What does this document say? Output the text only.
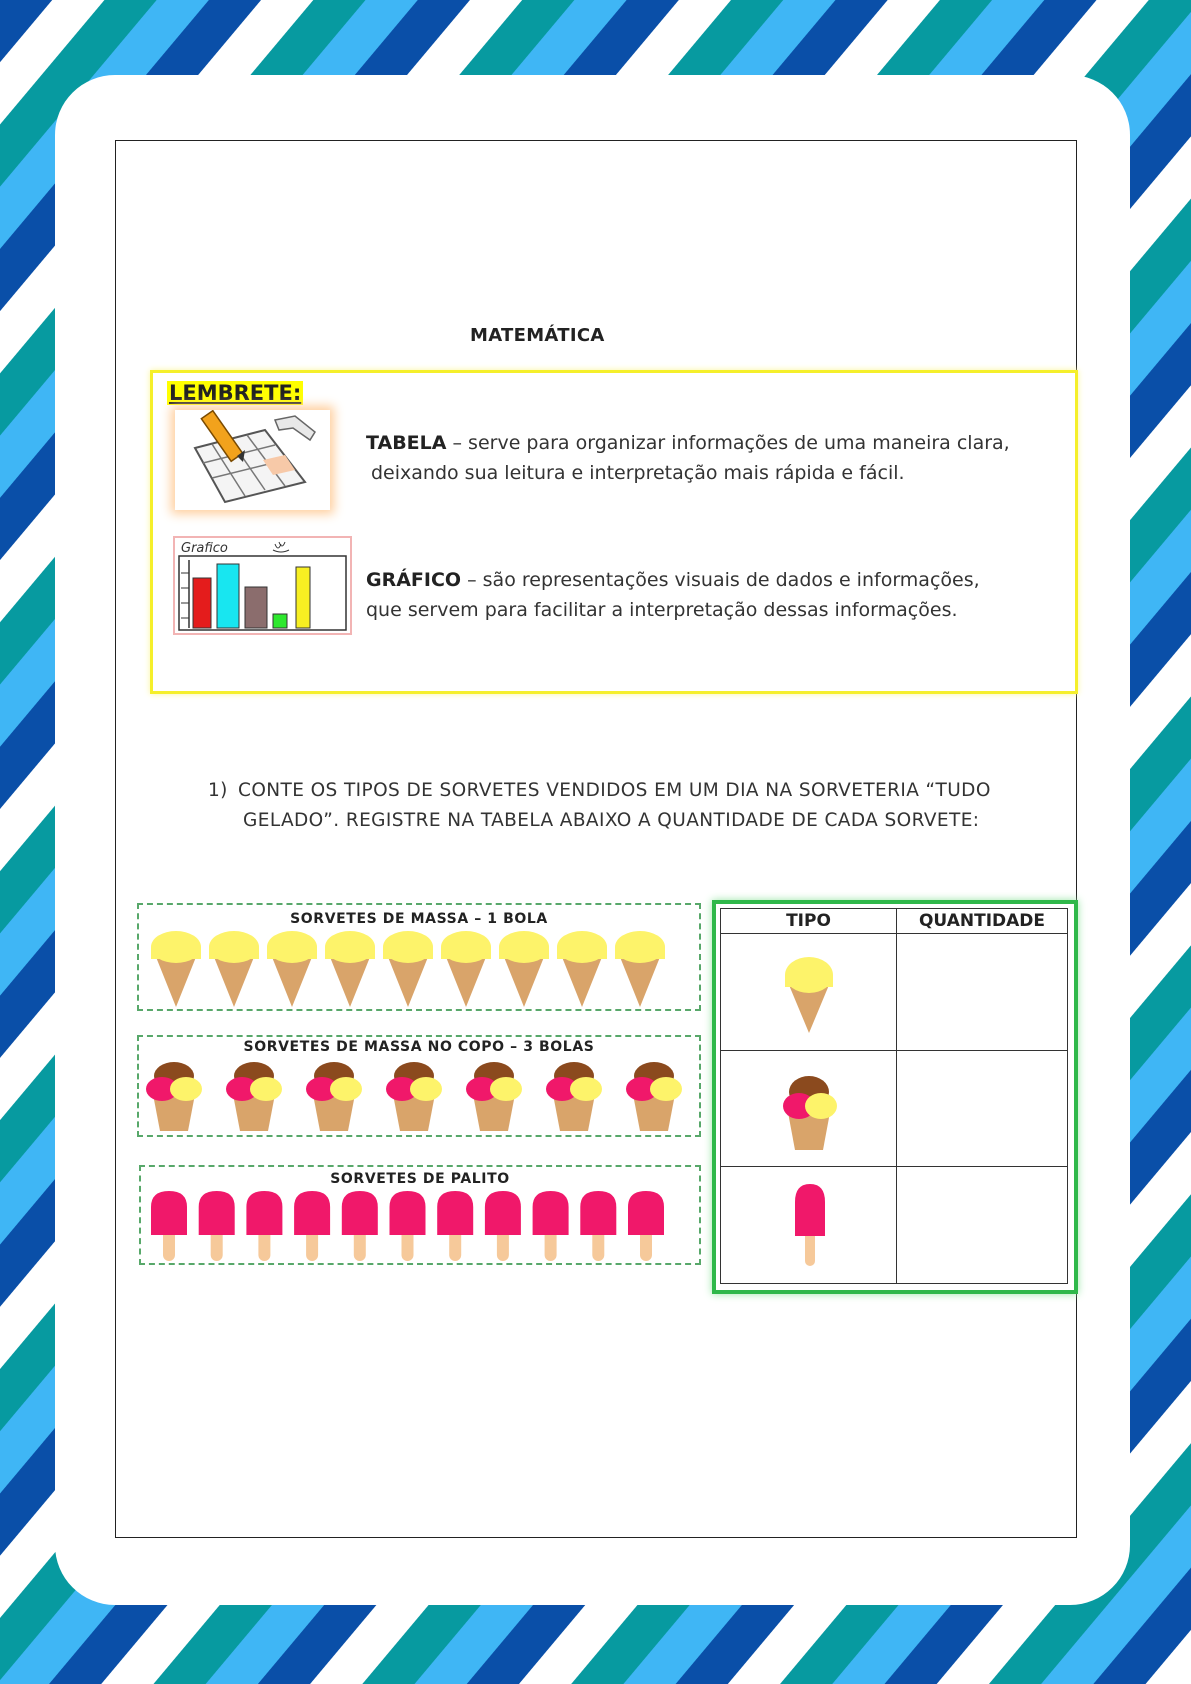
MATEMÁTICA
LEMBRETE:
Grafico
TABELA – serve para organizar informações de uma maneira clara,
deixando sua leitura e interpretação mais rápida e fácil.
GRÁFICO – são representações visuais de dados e informações,
que servem para facilitar a interpretação dessas informações.
1) CONTE OS TIPOS DE SORVETES VENDIDOS EM UM DIA NA SORVETERIA “TUDO
GELADO”. REGISTRE NA TABELA ABAIXO A QUANTIDADE DE CADA SORVETE:
SORVETES DE MASSA – 1 BOLA
SORVETES DE MASSA NO COPO – 3 BOLAS
SORVETES DE PALITO
TIPO	QUANTIDADE
